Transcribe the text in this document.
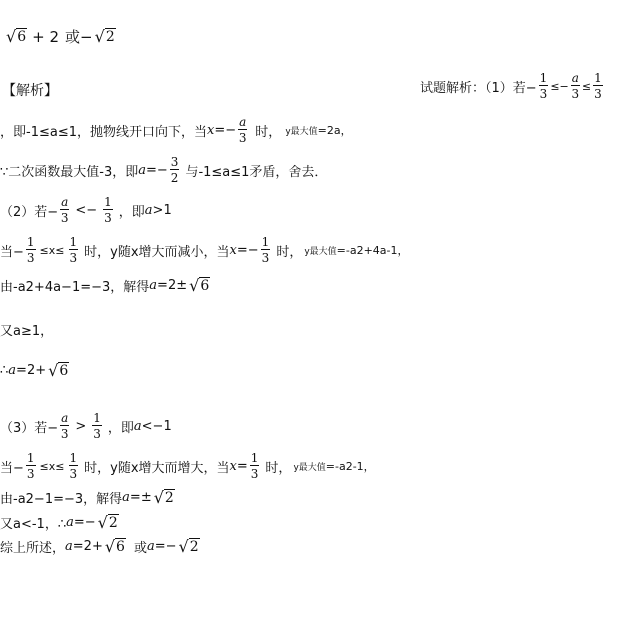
√ 6 + 2 或 − √ 2
【解析】	试题解析：（1）若− $\frac{1}{3} \le- \frac{a}{3} \le \frac{1}{3}$
，即-1≤a≤1，抛物线开口向下，当 $x =- \frac{a}{3}$ 时， y最大值 =2a，
∵二次函数最大值-3，即 $a =- \frac{3}{2}$ 与-1≤a≤1矛盾，舍去．
（2）若− $\frac{a}{3} <- \frac{1}{3}$ ，即 a >1
当− $\frac{1}{3} \le x\le \frac{1}{3}$ 时，y随x增大而减小，当 $x =- \frac{1}{3}$ 时， y最大值 =-a2+4a-1，
由-a2+4a−1=−3，解得 a =2± √ 6
又a≥1，
∴ a =2+ √ 6
（3）若− $\frac{a}{3} > \frac{1}{3}$ ，即 a <−1
当− $\frac{1}{3} \le x\le \frac{1}{3}$ 时，y随x增大而增大，当 $x = \frac{1}{3}$ 时， y最大值 =-a2-1，
由-a2−1=−3，解得 a =± √ 2
又a<-1，∴ a =− √ 2
综上所述， a =2+ √ 6 或 a =− √ 2
